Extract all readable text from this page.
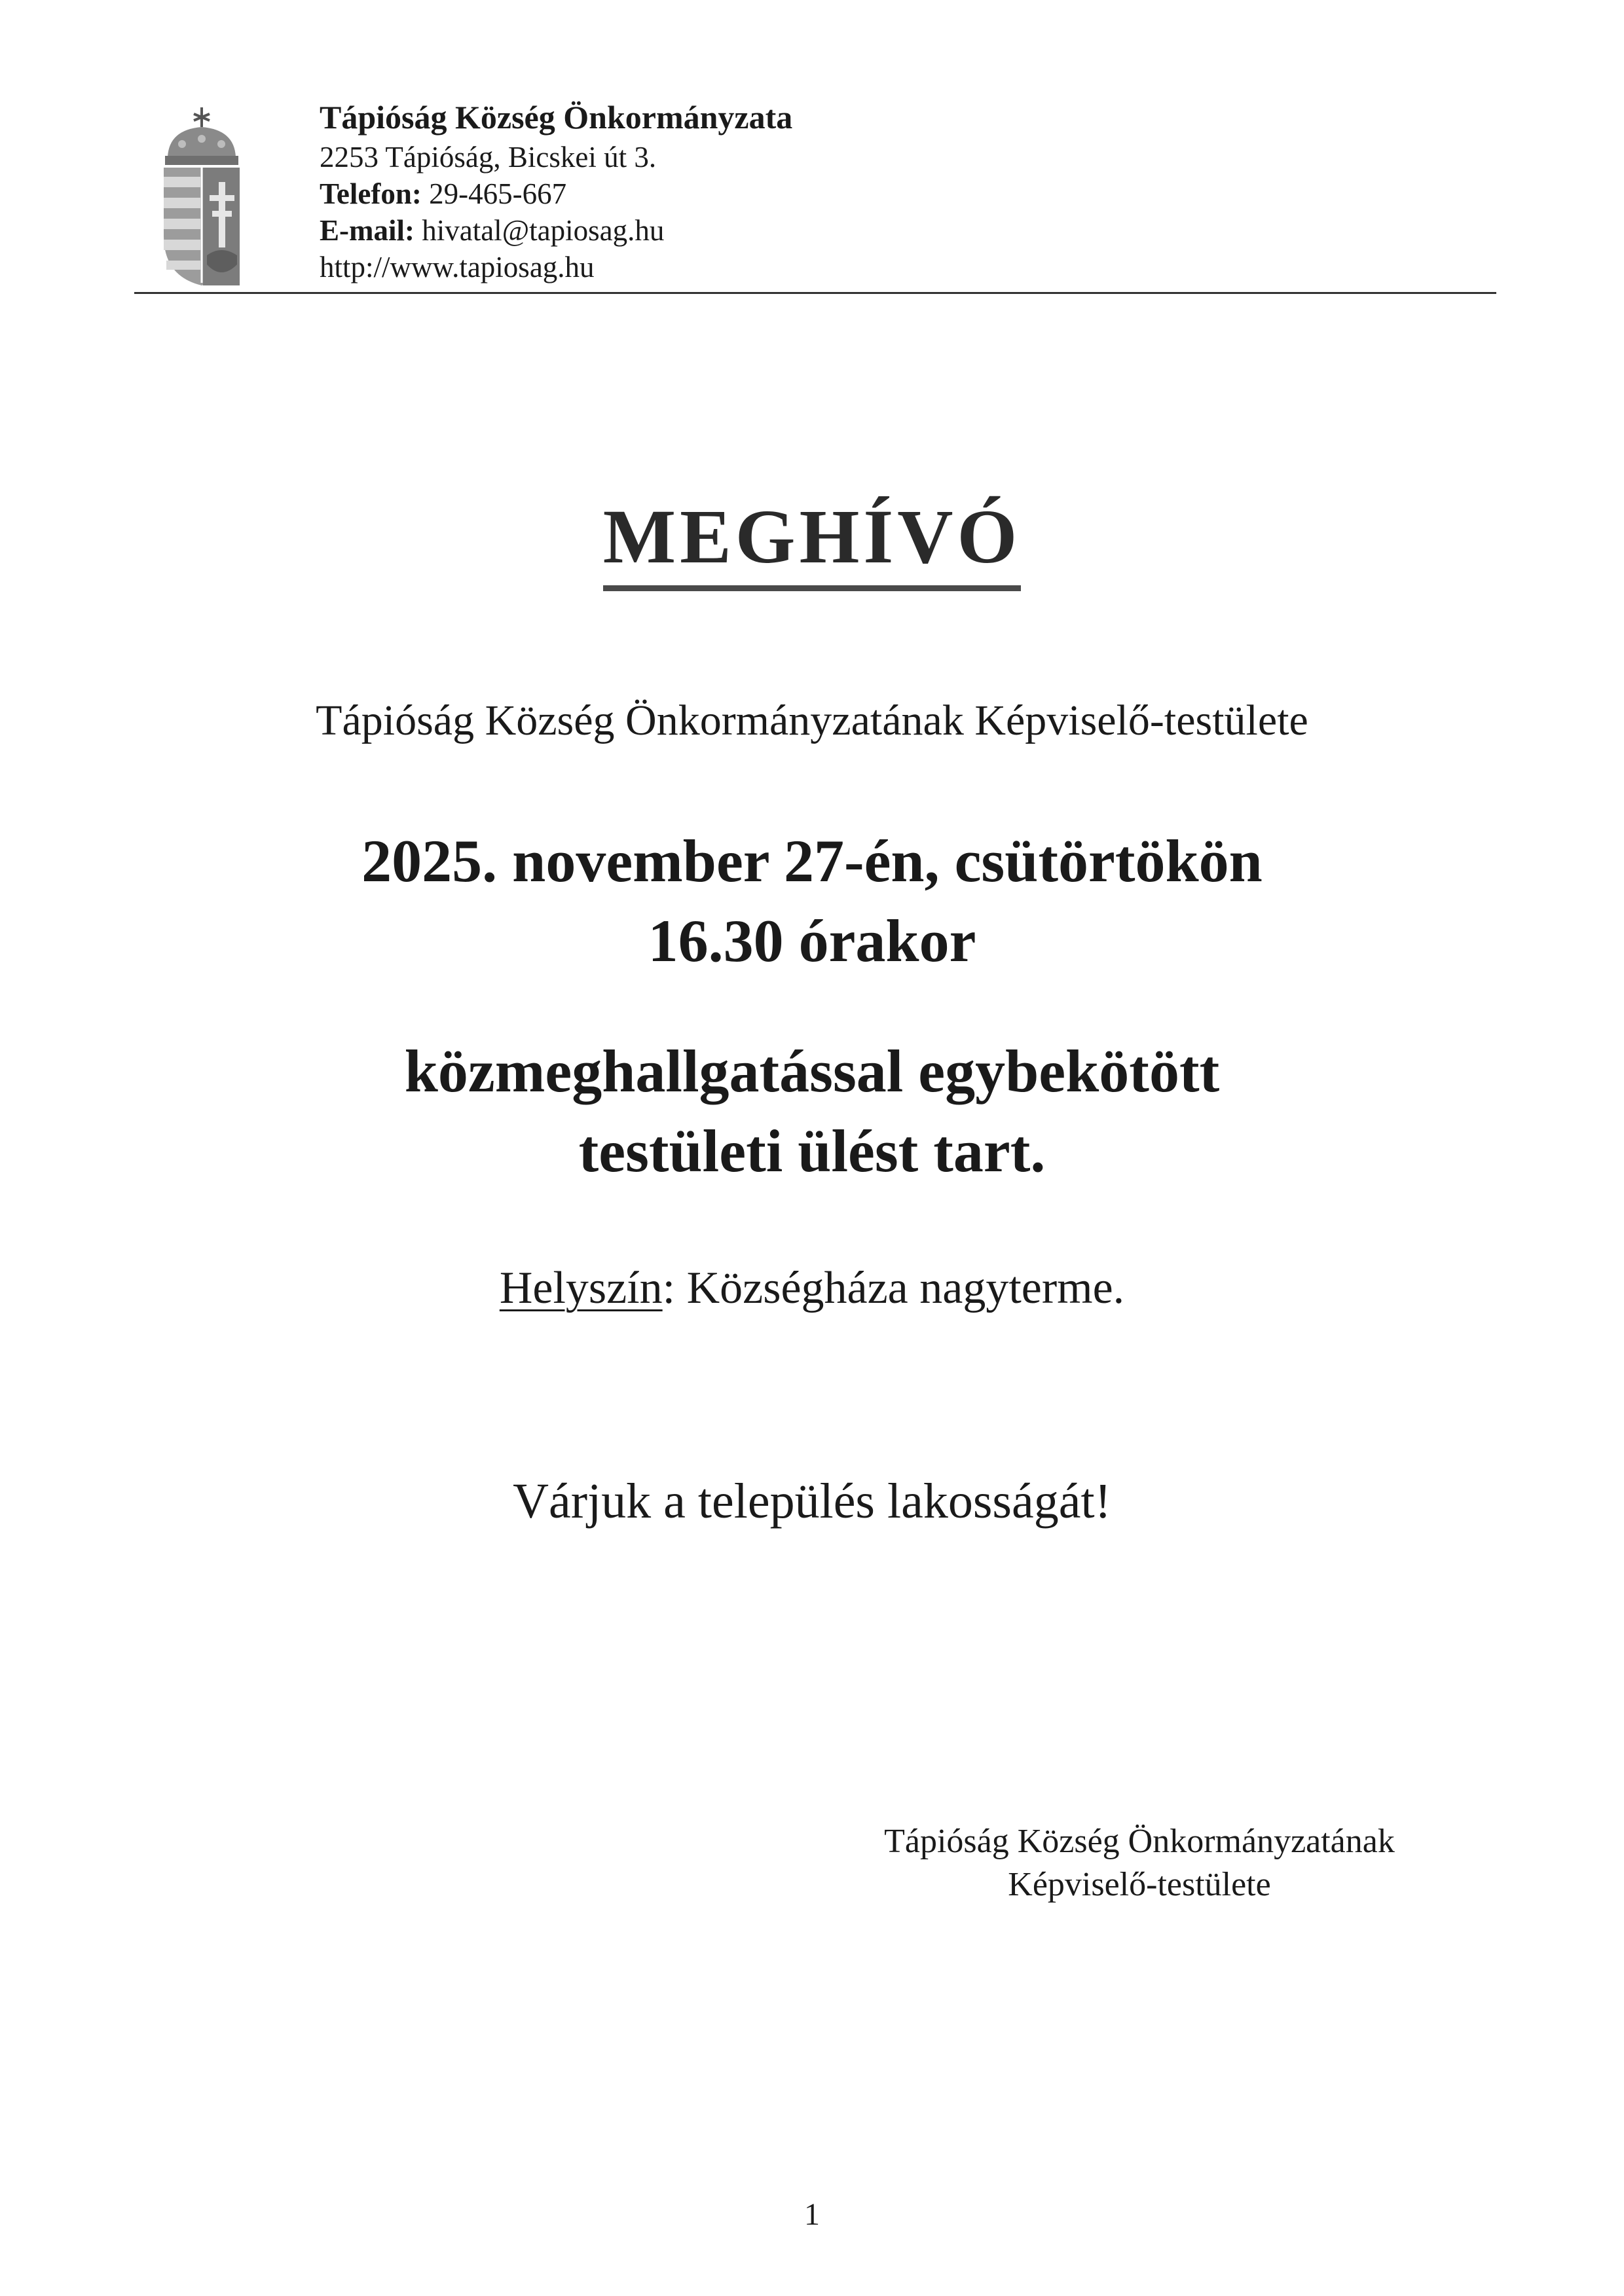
Tápióság Község Önkormányzata
2253 Tápióság, Bicskei út 3.
Telefon: 29-465-667
E-mail: hivatal@tapiosag.hu
http://www.tapiosag.hu
MEGHÍVÓ
Tápióság Község Önkormányzatának Képviselő-testülete
2025. november 27-én, csütörtökön
16.30 órakor
közmeghallgatással egybekötött
testületi ülést tart.
Helyszín: Községháza nagyterme.
Várjuk a település lakosságát!
Tápióság Község Önkormányzatának
Képviselő-testülete
1
